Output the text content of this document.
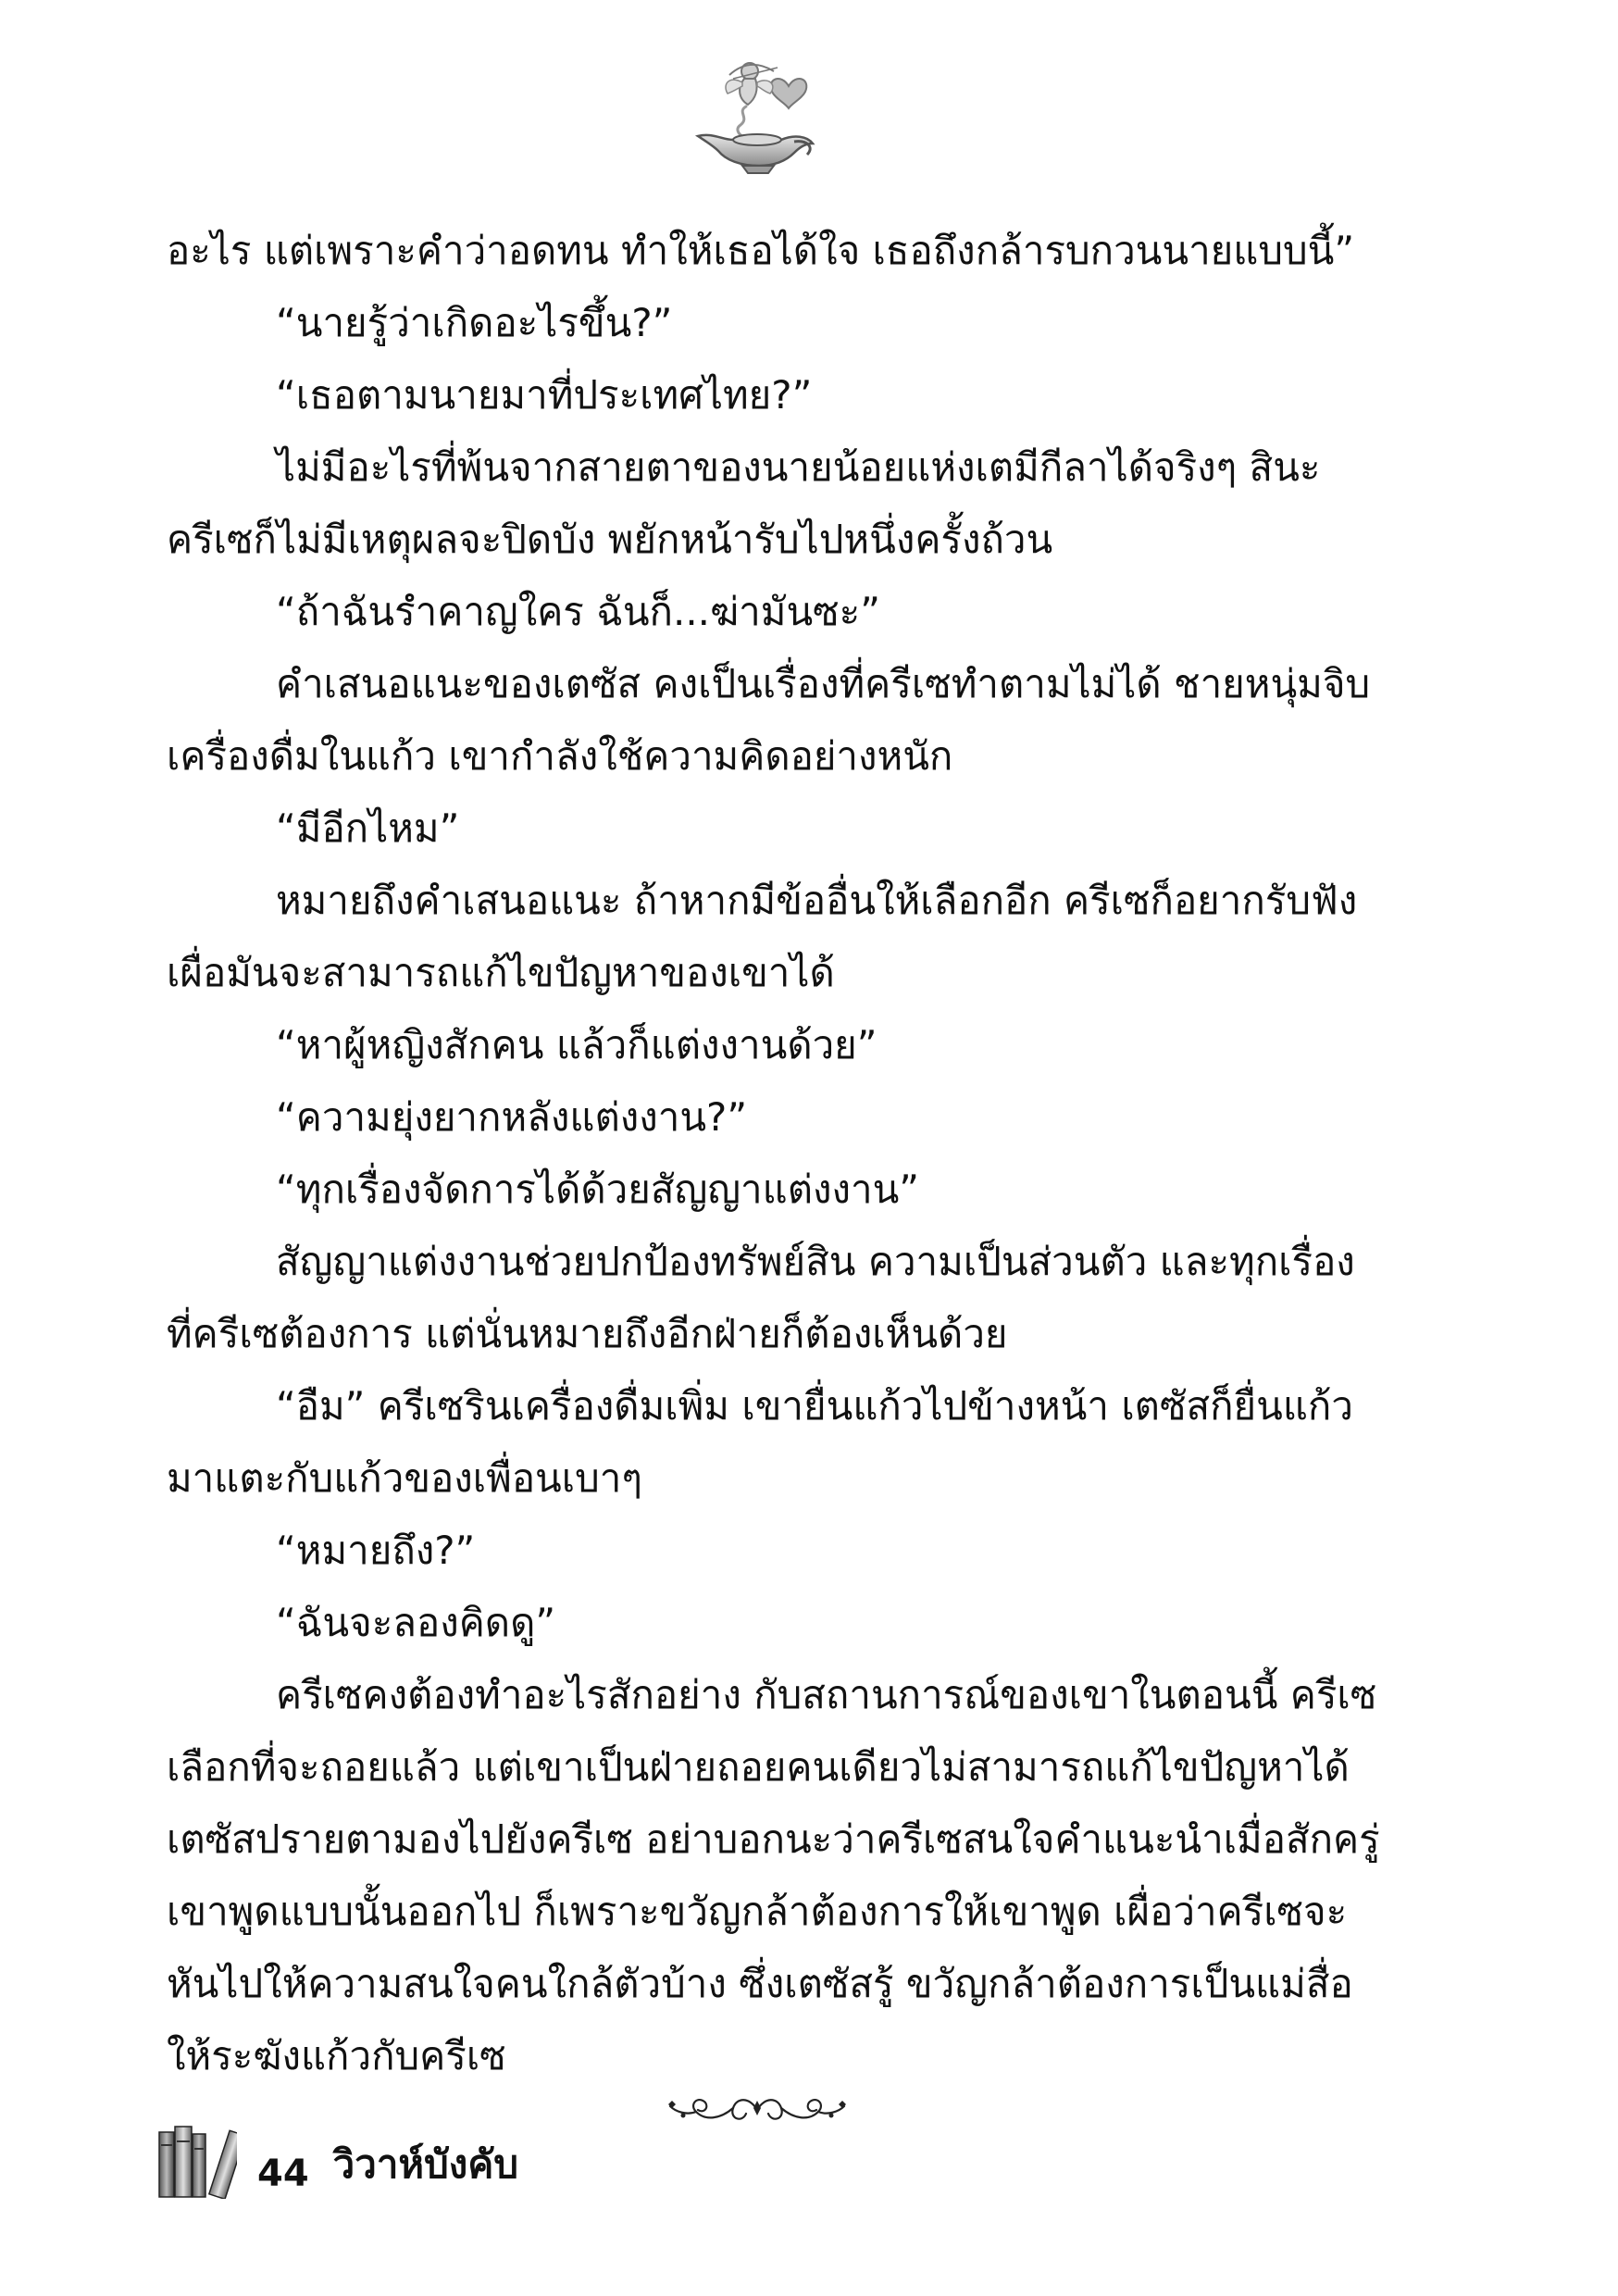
อะไร แต่เพราะคำว่าอดทน ทำให้เธอได้ใจ เธอถึงกล้ารบกวนนายแบบนี้”

“นายรู้ว่าเกิดอะไรขึ้น?”

“เธอตามนายมาที่ประเทศไทย?”

ไม่มีอะไรที่พ้นจากสายตาของนายน้อยแห่งเตมีกีลาได้จริงๆ สินะ

ครีเซก็ไม่มีเหตุผลจะปิดบัง พยักหน้ารับไปหนึ่งครั้งถ้วน

“ถ้าฉันรำคาญใคร ฉันก็...ฆ่ามันซะ”

คำเสนอแนะของเตซัส คงเป็นเรื่องที่ครีเซทำตามไม่ได้ ชายหนุ่มจิบ

เครื่องดื่มในแก้ว เขากำลังใช้ความคิดอย่างหนัก

“มีอีกไหม”

หมายถึงคำเสนอแนะ ถ้าหากมีข้ออื่นให้เลือกอีก ครีเซก็อยากรับฟัง

เผื่อมันจะสามารถแก้ไขปัญหาของเขาได้

“หาผู้หญิงสักคน แล้วก็แต่งงานด้วย”

“ความยุ่งยากหลังแต่งงาน?”

“ทุกเรื่องจัดการได้ด้วยสัญญาแต่งงาน”

สัญญาแต่งงานช่วยปกป้องทรัพย์สิน ความเป็นส่วนตัว และทุกเรื่อง

ที่ครีเซต้องการ แต่นั่นหมายถึงอีกฝ่ายก็ต้องเห็นด้วย

“อืม” ครีเซรินเครื่องดื่มเพิ่ม เขายื่นแก้วไปข้างหน้า เตซัสก็ยื่นแก้ว

มาแตะกับแก้วของเพื่อนเบาๆ

“หมายถึง?”

“ฉันจะลองคิดดู”

ครีเซคงต้องทำอะไรสักอย่าง กับสถานการณ์ของเขาในตอนนี้ ครีเซ

เลือกที่จะถอยแล้ว แต่เขาเป็นฝ่ายถอยคนเดียวไม่สามารถแก้ไขปัญหาได้

เตซัสปรายตามองไปยังครีเซ อย่าบอกนะว่าครีเซสนใจคำแนะนำเมื่อสักครู่

เขาพูดแบบนั้นออกไป ก็เพราะขวัญกล้าต้องการให้เขาพูด เผื่อว่าครีเซจะ

หันไปให้ความสนใจคนใกล้ตัวบ้าง ซึ่งเตซัสรู้ ขวัญกล้าต้องการเป็นแม่สื่อ

ให้ระฆังแก้วกับครีเซ

44 วิวาห์บังคับ
